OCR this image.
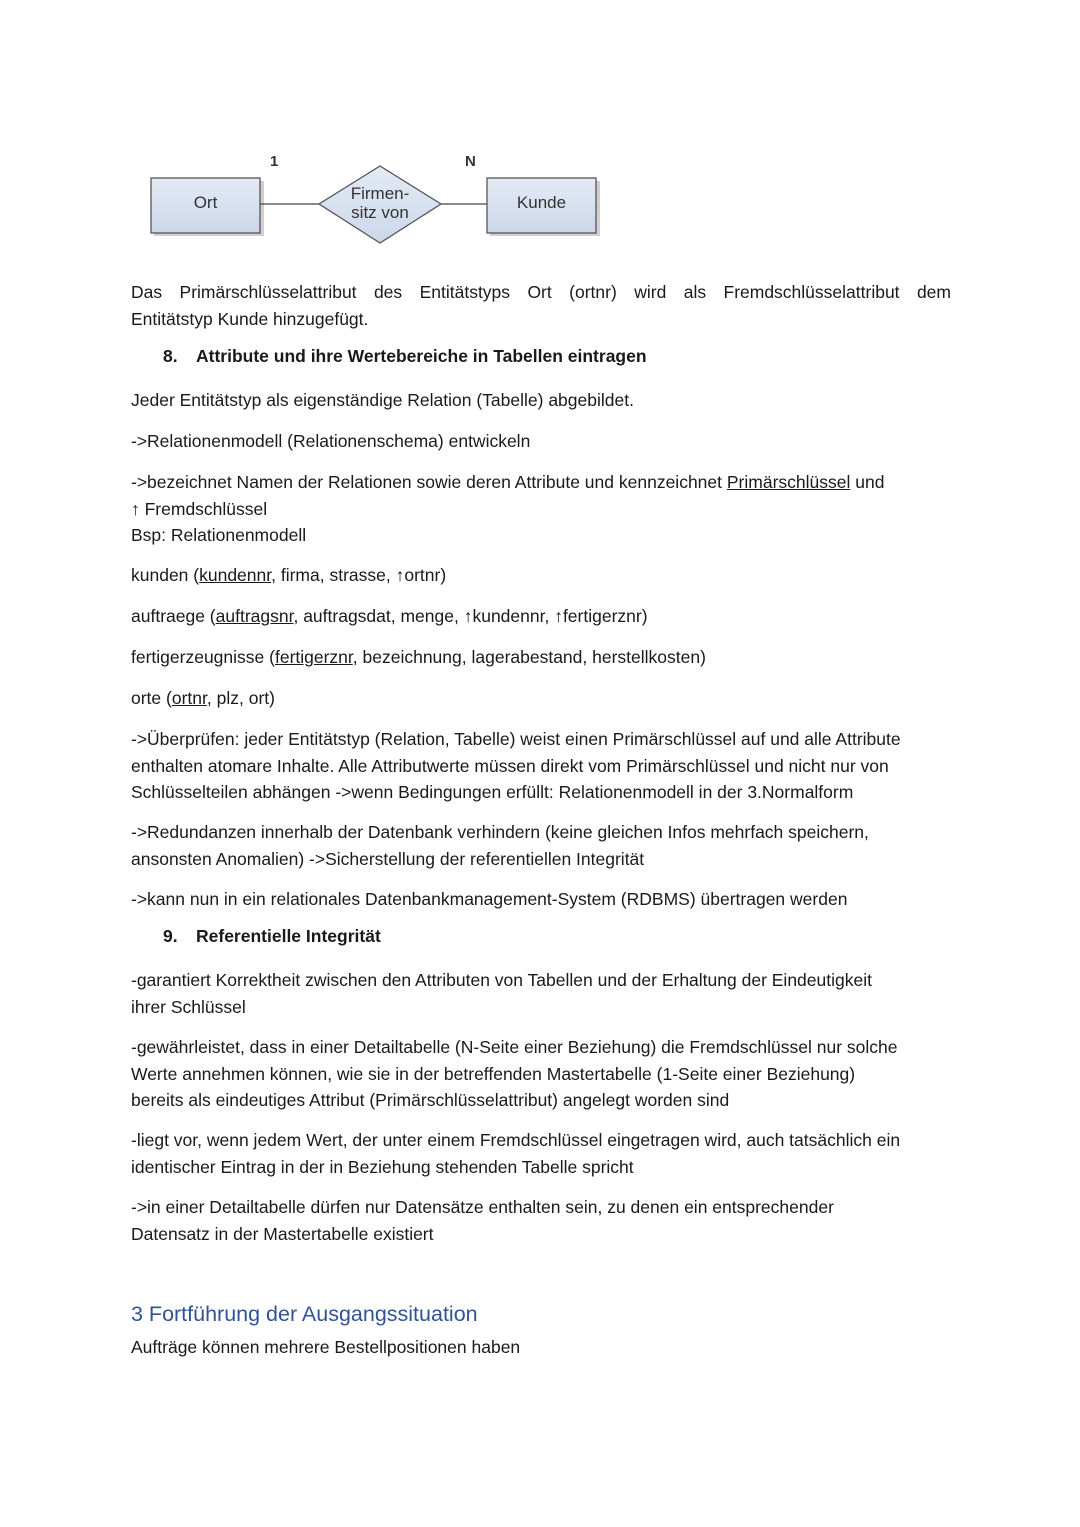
Ort	Kunde
Firmen-
sitz von
1	N
Das Primärschlüsselattribut des Entitätstyps Ort (ortnr) wird als Fremdschlüsselattribut dem
Entitätstyp Kunde hinzugefügt.
8. Attribute und ihre Wertebereiche in Tabellen eintragen
Jeder Entitätstyp als eigenständige Relation (Tabelle) abgebildet.
->Relationenmodell (Relationenschema) entwickeln
->bezeichnet Namen der Relationen sowie deren Attribute und kennzeichnet Primärschlüssel und
↑ Fremdschlüssel
Bsp: Relationenmodell
kunden (kundennr, firma, strasse, ↑ortnr)
auftraege (auftragsnr, auftragsdat, menge, ↑kundennr, ↑fertigerznr)
fertigerzeugnisse (fertigerznr, bezeichnung, lagerabestand, herstellkosten)
orte (ortnr, plz, ort)
->Überprüfen: jeder Entitätstyp (Relation, Tabelle) weist einen Primärschlüssel auf und alle Attribute
enthalten atomare Inhalte. Alle Attributwerte müssen direkt vom Primärschlüssel und nicht nur von
Schlüsselteilen abhängen ->wenn Bedingungen erfüllt: Relationenmodell in der 3.Normalform
->Redundanzen innerhalb der Datenbank verhindern (keine gleichen Infos mehrfach speichern,
ansonsten Anomalien) ->Sicherstellung der referentiellen Integrität
->kann nun in ein relationales Datenbankmanagement-System (RDBMS) übertragen werden
9. Referentielle Integrität
-garantiert Korrektheit zwischen den Attributen von Tabellen und der Erhaltung der Eindeutigkeit
ihrer Schlüssel
-gewährleistet, dass in einer Detailtabelle (N-Seite einer Beziehung) die Fremdschlüssel nur solche
Werte annehmen können, wie sie in der betreffenden Mastertabelle (1-Seite einer Beziehung)
bereits als eindeutiges Attribut (Primärschlüsselattribut) angelegt worden sind
-liegt vor, wenn jedem Wert, der unter einem Fremdschlüssel eingetragen wird, auch tatsächlich ein
identischer Eintrag in der in Beziehung stehenden Tabelle spricht
->in einer Detailtabelle dürfen nur Datensätze enthalten sein, zu denen ein entsprechender
Datensatz in der Mastertabelle existiert
3 Fortführung der Ausgangssituation
Aufträge können mehrere Bestellpositionen haben
